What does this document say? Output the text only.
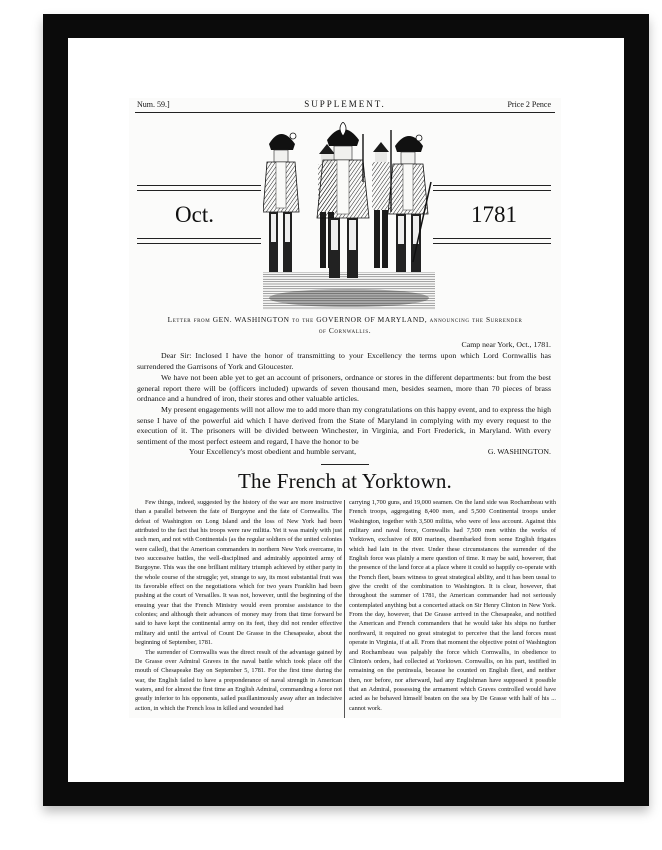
Num. 59.]	SUPPLEMENT.	Price 2 Pence
Oct.	1781
Letter from GEN. WASHINGTON to the GOVERNOR OF MARYLAND, announcing the Surrender
of Cornwallis.
Camp near York, Oct., 1781.
Dear Sir: Inclosed I have the honor of transmitting to your Excellency the terms upon which Lord Cornwallis has surrendered the Garrisons of York and Gloucester.
We have not been able yet to get an account of prisoners, ordnance or stores in the different departments: but from the best general report there will be (officers included) upwards of seven thousand men, besides seamen, more than 70 pieces of brass ordnance and a hundred of iron, their stores and other valuable articles.
My present engagements will not allow me to add more than my congratulations on this happy event, and to express the high sense I have of the powerful aid which I have derived from the State of Maryland in complying with my every request to the execution of it. The prisoners will be divided between Winchester, in Virginia, and Fort Frederick, in Maryland. With every sentiment of the most perfect esteem and regard, I have the honor to be
Your Excellency's most obedient and humble servant,	G. WASHINGTON.
The French at Yorktown.

Few things, indeed, suggested by the history of the war are more instructive than a parallel between the fate of Burgoyne and the fate of Cornwallis. The defeat of Washington on Long Island and the loss of New York had been attributed to the fact that his troops were raw militia. Yet it was mainly with just such men, and not with Continentals (as the regular soldiers of the united colonies were called), that the American commanders in northern New York overcame, in two successive battles, the well-disciplined and admirably appointed army of Burgoyne. This was the one brilliant military triumph achieved by either party in the whole course of the struggle; yet, strange to say, its most substantial fruit was its favorable effect on the negotiations which for two years Franklin had been pushing at the court of Versailles. It was not, however, until the beginning of the ensuing year that the French Ministry would even promise assistance to the colonies; and although their advances of money may from that time forward be said to have kept the continental army on its feet, they did not render effective military aid until the arrival of Count De Grasse in the Chesapeake, about the beginning of September, 1781.

The surrender of Cornwallis was the direct result of the advantage gained by De Grasse over Admiral Graves in the naval battle which took place off the mouth of Chesapeake Bay on September 5, 1781. For the first time during the war, the English failed to have a preponderance of naval strength in American waters, and for almost the first time an English Admiral, commanding a force not greatly inferior to his opponents, sailed pusillanimously away after an indecisive action, in which the French loss in killed and wounded had

carrying 1,700 guns, and 19,000 seamen. On the land side was Rochambeau with French troops, aggregating 8,400 men, and 5,500 Continental troops under Washington, together with 3,500 militia, who were of less account. Against this military and naval force, Cornwallis had 7,500 men within the works of Yorktown, exclusive of 800 marines, disembarked from some English frigates which had lain in the river. Under these circumstances the surrender of the English force was plainly a mere question of time. It may be said, however, that the presence of the land force at a place where it could so happily co-operate with the French fleet, bears witness to great strategical ability, and it has been usual to give the credit of the combination to Washington. It is clear, however, that throughout the summer of 1781, the American commander had not seriously contemplated anything but a concerted attack on Sir Henry Clinton in New York. From the day, however, that De Grasse arrived in the Chesapeake, and notified the American and French commanders that he would take his ships no further northward, it required no great strategist to perceive that the land forces must operate in Virginia, if at all. From that moment the objective point of Washington and Rochambeau was palpably the force which Cornwallis, in obedience to Clinton's orders, had collected at Yorktown. Cornwallis, on his part, testified in remaining on the peninsula, because he counted on English fleet, and neither then, nor before, nor afterward, had any Englishman have supposed it possible that an Admiral, possessing the armament which Graves controlled would have acted as he behaved himself beaten on the sea by De Grasse with half of his ... cannot work.
